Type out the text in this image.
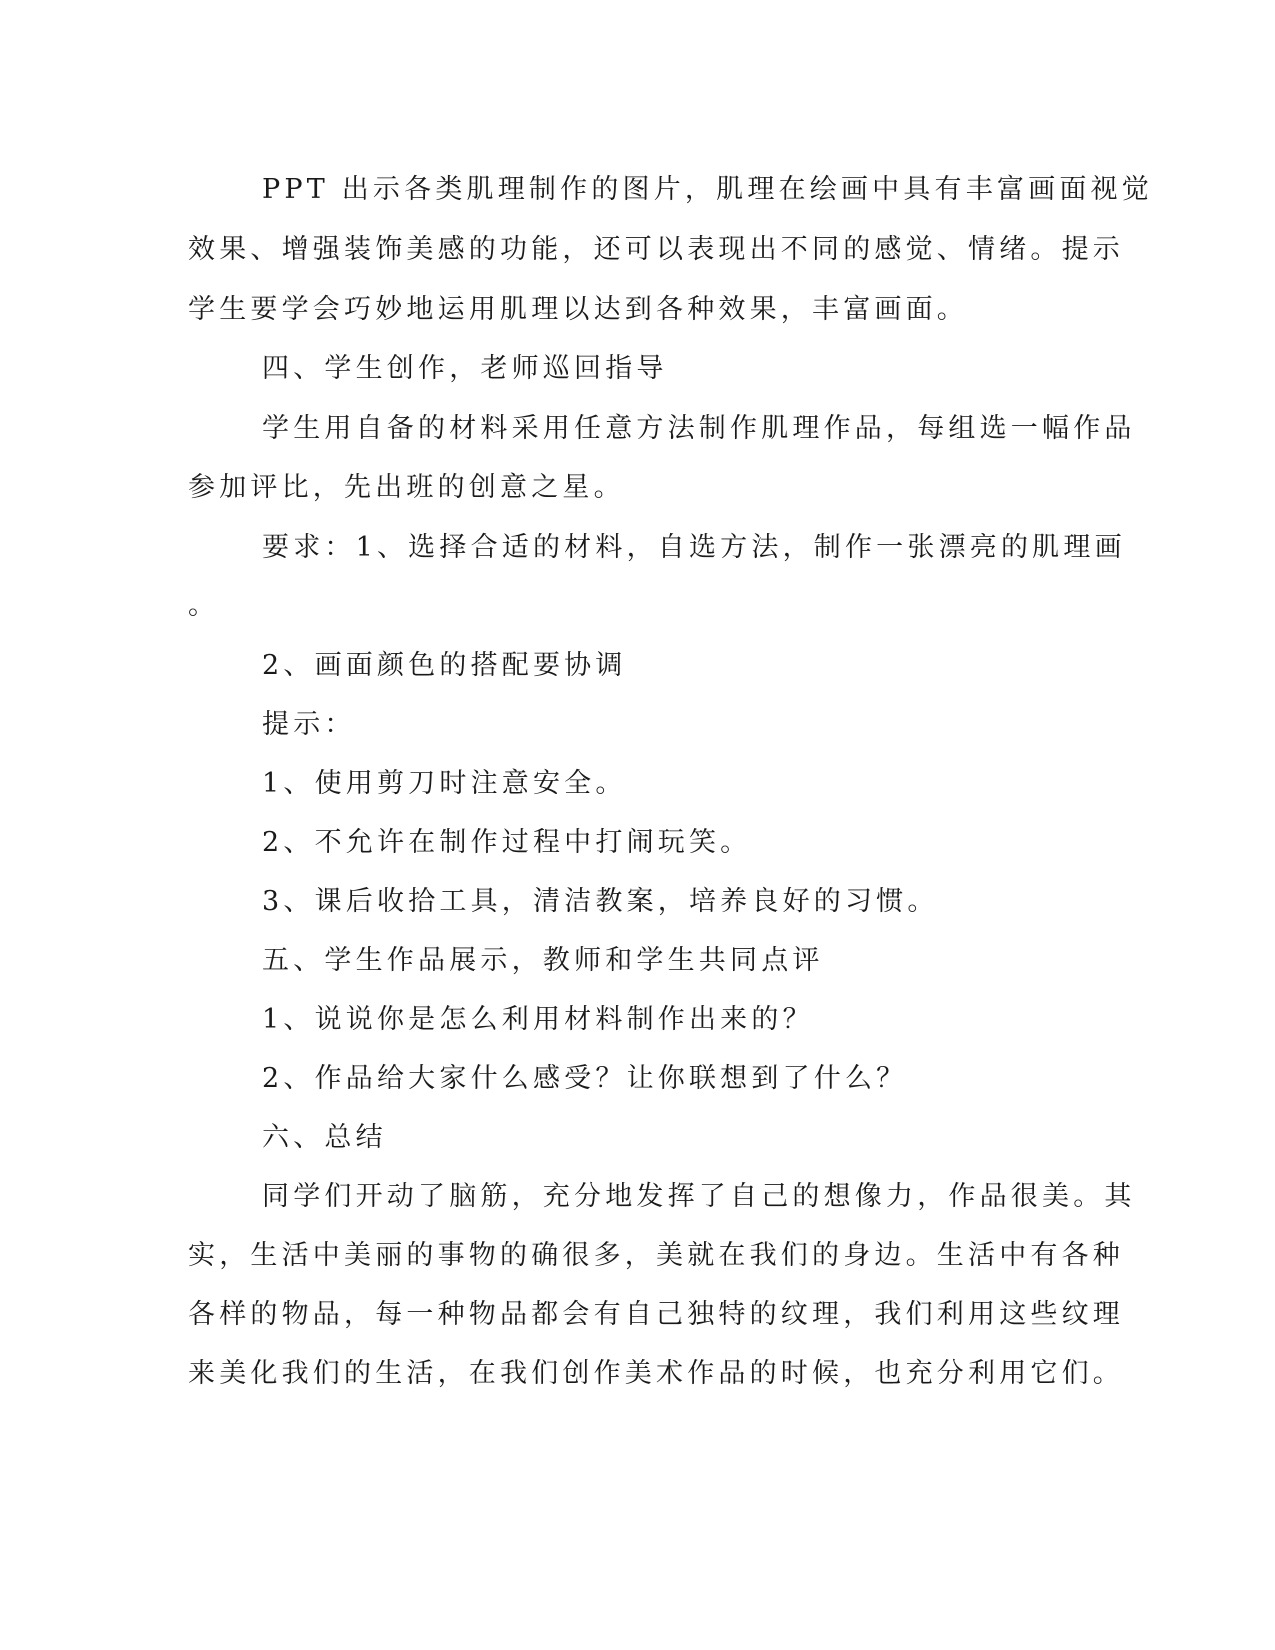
PPT 出示各类肌理制作的图片，肌理在绘画中具有丰富画面视觉
效果、增强装饰美感的功能，还可以表现出不同的感觉、情绪。提示
学生要学会巧妙地运用肌理以达到各种效果，丰富画面。
四、学生创作，老师巡回指导
学生用自备的材料采用任意方法制作肌理作品，每组选一幅作品
参加评比，先出班的创意之星。
要求：1、选择合适的材料，自选方法，制作一张漂亮的肌理画
。
2、画面颜色的搭配要协调
提示：
1、使用剪刀时注意安全。
2、不允许在制作过程中打闹玩笑。
3、课后收拾工具，清洁教案，培养良好的习惯。
五、学生作品展示，教师和学生共同点评
1、说说你是怎么利用材料制作出来的？
2、作品给大家什么感受？让你联想到了什么？
六、总结
同学们开动了脑筋，充分地发挥了自己的想像力，作品很美。其
实，生活中美丽的事物的确很多，美就在我们的身边。生活中有各种
各样的物品，每一种物品都会有自己独特的纹理，我们利用这些纹理
来美化我们的生活，在我们创作美术作品的时候，也充分利用它们。
